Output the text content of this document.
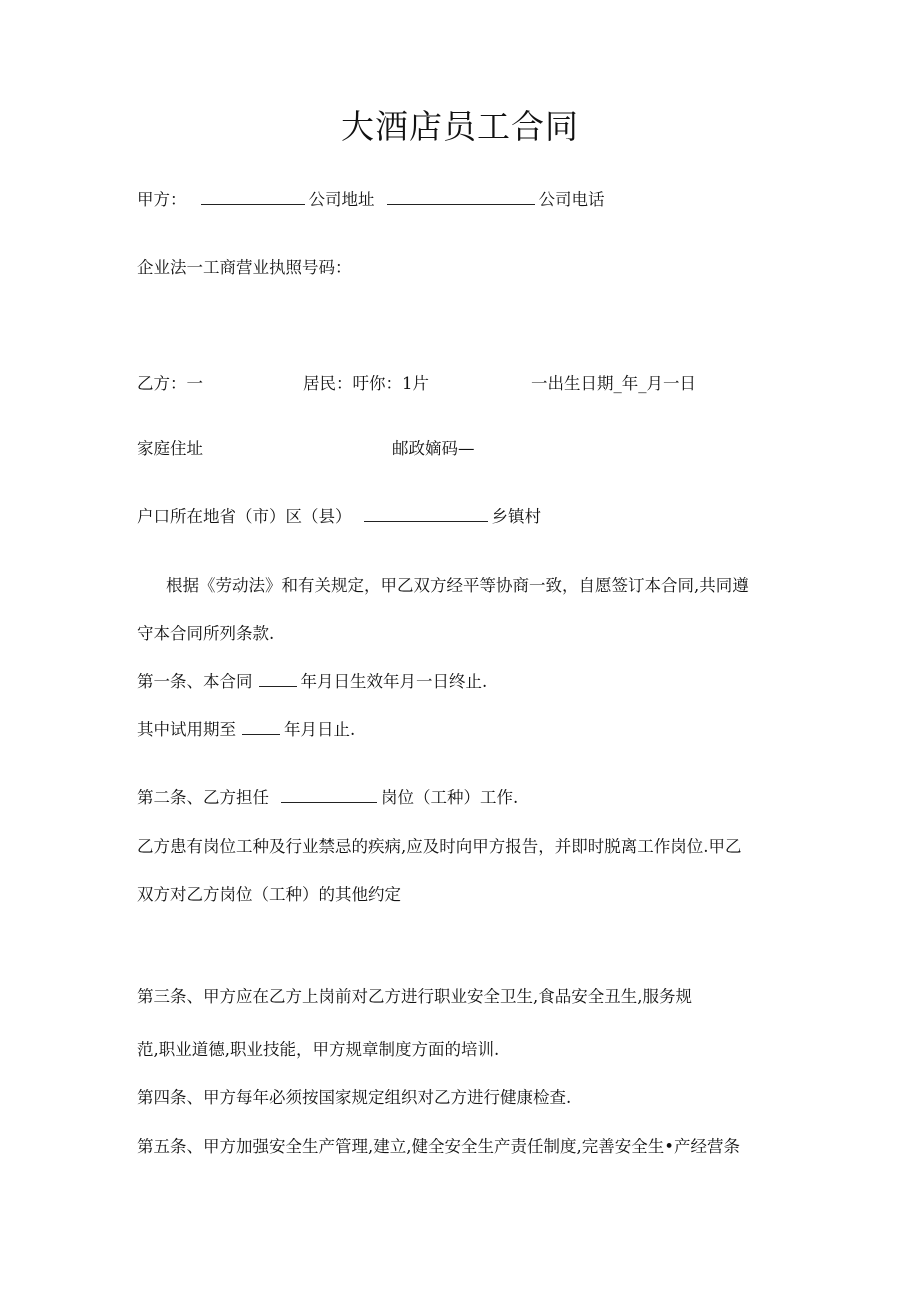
大酒店员工合同
甲方：	公司地址	公司电话
企业法一工商营业执照号码：
乙方：一	居民：吁你：1片	一出生日期_年_月一日
家庭住址	邮政嫡码—
户口所在地省（市）区（县）	乡镇村
根据《劳动法》和有关规定，甲乙双方经平等协商一致，自愿签订本合同,共同遵
守本合同所列条款.
第一条、本合同	年月日生效年月一日终止.
其中试用期至	年月日止.
第二条、乙方担任	岗位（工种）工作.
乙方患有岗位工种及行业禁忌的疾病,应及时向甲方报告，并即时脱离工作岗位.甲乙
双方对乙方岗位（工种）的其他约定
第三条、甲方应在乙方上岗前对乙方进行职业安全卫生,食品安全丑生,服务规
范,职业道德,职业技能，甲方规章制度方面的培训.
第四条、甲方每年必须按国家规定组织对乙方进行健康检查.
第五条、甲方加强安全生产管理,建立,健全安全生产责任制度,完善安全生•产经营条
